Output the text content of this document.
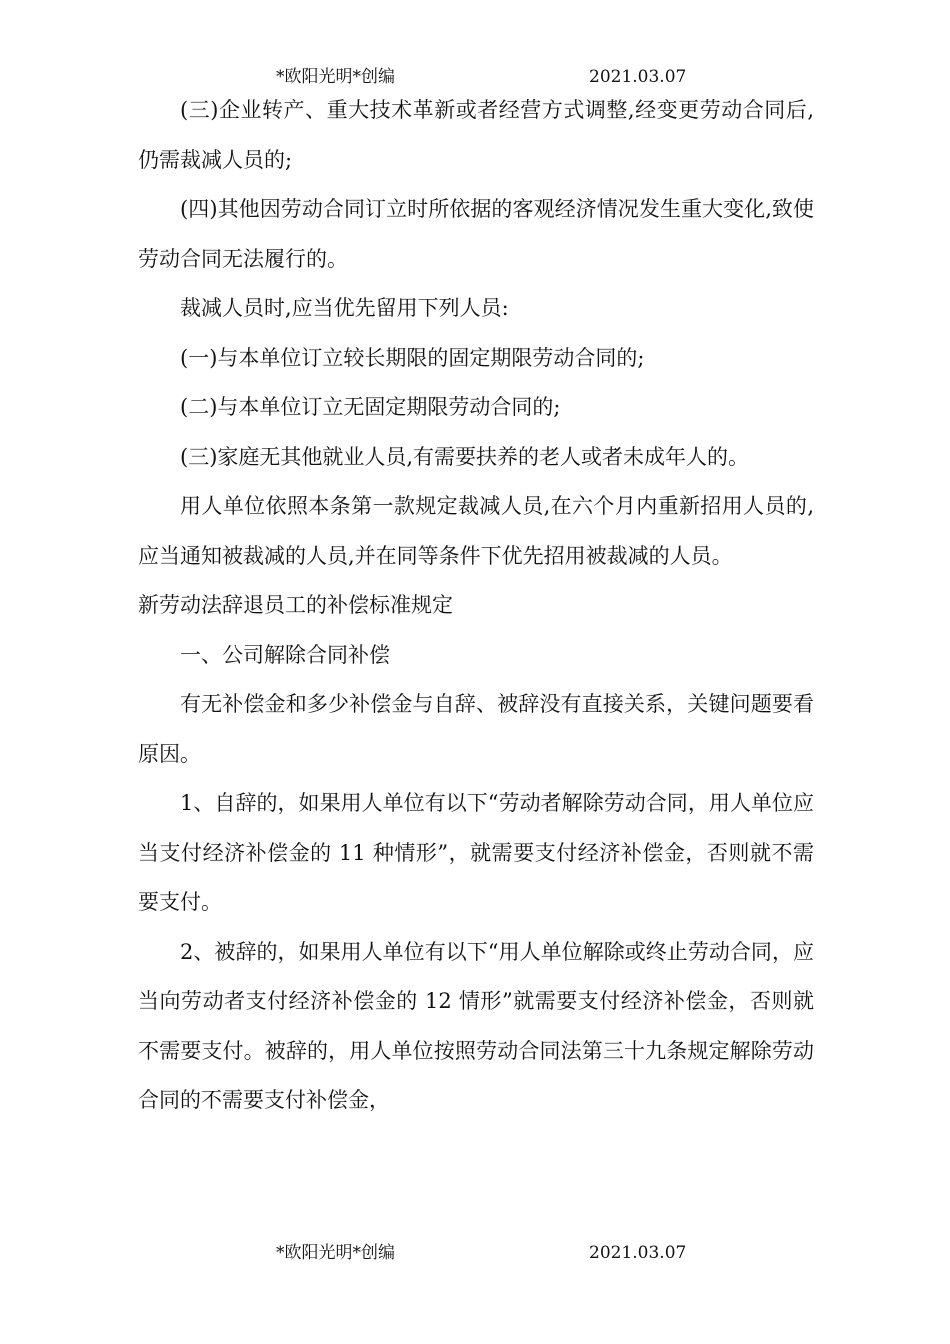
*欧阳光明*创编	2021.03.07

(三)企业转产、重大技术革新或者经营方式调整,经变更劳动合同后,仍需裁减人员的;

(四)其他因劳动合同订立时所依据的客观经济情况发生重大变化,致使劳动合同无法履行的。

裁减人员时,应当优先留用下列人员:

(一)与本单位订立较长期限的固定期限劳动合同的;

(二)与本单位订立无固定期限劳动合同的;

(三)家庭无其他就业人员,有需要扶养的老人或者未成年人的。

用人单位依照本条第一款规定裁减人员,在六个月内重新招用人员的,应当通知被裁减的人员,并在同等条件下优先招用被裁减的人员。

新劳动法辞退员工的补偿标准规定

一、公司解除合同补偿

有无补偿金和多少补偿金与自辞、被辞没有直接关系，关键问题要看原因。

1、自辞的，如果用人单位有以下“劳动者解除劳动合同，用人单位应当支付经济补偿金的 11 种情形”，就需要支付经济补偿金，否则就不需要支付。

2、被辞的，如果用人单位有以下“用人单位解除或终止劳动合同，应当向劳动者支付经济补偿金的 12 情形”就需要支付经济补偿金，否则就不需要支付。被辞的，用人单位按照劳动合同法第三十九条规定解除劳动合同的不需要支付补偿金，

*欧阳光明*创编	2021.03.07
